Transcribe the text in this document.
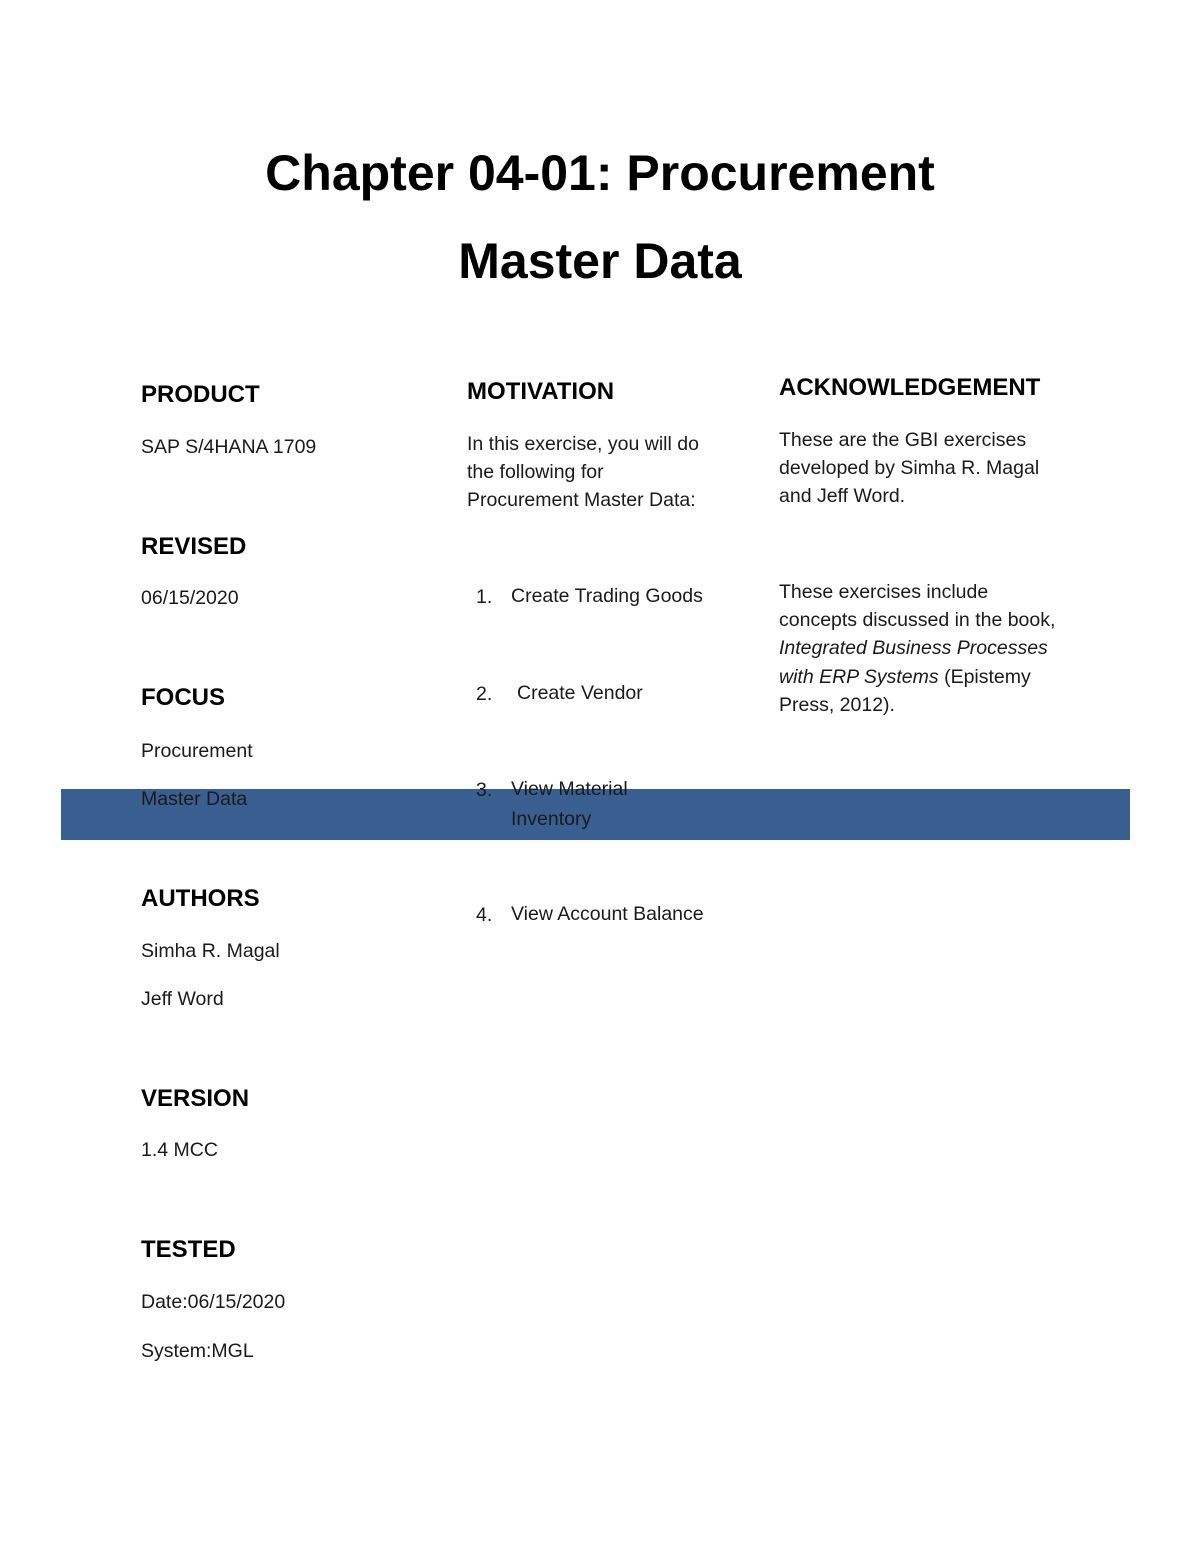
Chapter 04-01: Procurement
Master Data
PRODUCT

SAP S/4HANA 1709

REVISED

06/15/2020

FOCUS

Procurement

AUTHORS

Simha R. Magal

Jeff Word

VERSION

1.4 MCC

TESTED

Date:06/15/2020

System:MGL

MOTIVATION

In this exercise, you will do

the following for

Procurement Master Data:

1. Create Trading Goods
2. Create Vendor
4. View Account Balance
ACKNOWLEDGEMENT

These are the GBI exercises

developed by Simha R. Magal

and Jeff Word.

These exercises include

concepts discussed in the book,

Integrated Business Processes

with ERP Systems (Epistemy

Press, 2012).

Master Data	3. View Material
Inventory
